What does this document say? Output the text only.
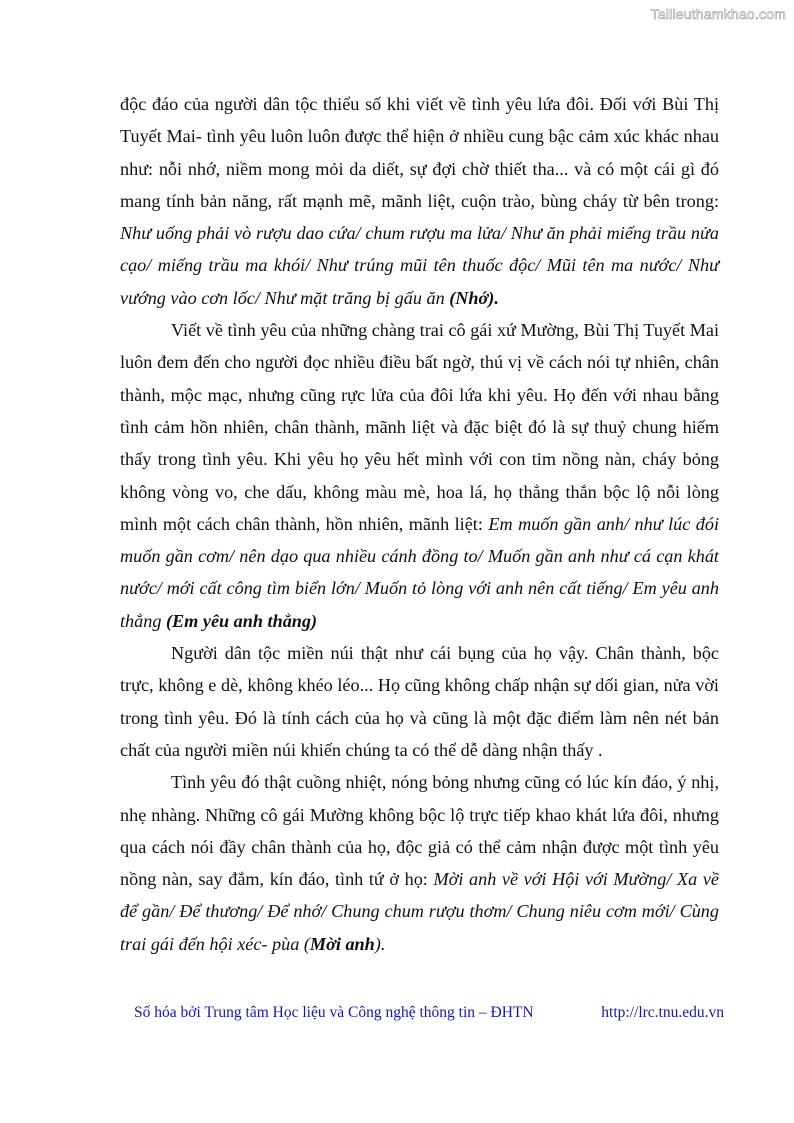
Tailieuthamkhao.com

độc đáo của người dân tộc thiểu số khi viết về tình yêu lứa đôi. Đối với Bùi Thị Tuyết Mai- tình yêu luôn luôn được thể hiện ở nhiều cung bậc cảm xúc khác nhau như: nỗi nhớ, niềm mong mỏi da diết, sự đợi chờ thiết tha... và có một cái gì đó mang tính bản năng, rất mạnh mẽ, mãnh liệt, cuộn trào, bùng cháy từ bên trong: Như uống phải vò rượu dao cứa/ chum rượu ma lửa/ Như ăn phải miếng trầu nửa cạo/ miếng trầu ma khói/ Như trúng mũi tên thuốc độc/ Mũi tên ma nước/ Như vướng vào cơn lốc/ Như mặt trăng bị gấu ăn (Nhớ).

Viết về tình yêu của những chàng trai cô gái xứ Mường, Bùi Thị Tuyết Mai luôn đem đến cho người đọc nhiều điều bất ngờ, thú vị về cách nói tự nhiên, chân thành, mộc mạc, nhưng cũng rực lửa của đôi lứa khi yêu. Họ đến với nhau bằng tình cảm hồn nhiên, chân thành, mãnh liệt và đặc biệt đó là sự thuỷ chung hiếm thấy trong tình yêu. Khi yêu họ yêu hết mình với con tim nồng nàn, cháy bỏng không vòng vo, che dấu, không màu mè, hoa lá, họ thẳng thắn bộc lộ nỗi lòng mình một cách chân thành, hồn nhiên, mãnh liệt: Em muốn gần anh/ như lúc đói muốn gần cơm/ nên dạo qua nhiều cánh đồng to/ Muốn gần anh như cá cạn khát nước/ mới cất công tìm biển lớn/ Muốn tỏ lòng với anh nên cất tiếng/ Em yêu anh thẳng (Em yêu anh thẳng)

Người dân tộc miền núi thật như cái bụng của họ vậy. Chân thành, bộc trực, không e dè, không khéo léo... Họ cũng không chấp nhận sự dối gian, nửa vời trong tình yêu. Đó là tính cách của họ và cũng là một đặc điểm làm nên nét bản chất của người miền núi khiến chúng ta có thể dễ dàng nhận thấy .

Tình yêu đó thật cuồng nhiệt, nóng bỏng nhưng cũng có lúc kín đáo, ý nhị, nhẹ nhàng. Những cô gái Mường không bộc lộ trực tiếp khao khát lứa đôi, nhưng qua cách nói đầy chân thành của họ, độc giả có thể cảm nhận được một tình yêu nồng nàn, say đắm, kín đáo, tình tứ ở họ: Mời anh về với Hội với Mường/ Xa về để gần/ Để thương/ Để nhớ/ Chung chum rượu thơm/ Chung niêu cơm mới/ Cùng trai gái đến hội xéc- pùa (Mời anh).

Số hóa bởi Trung tâm Học liệu và Công nghệ thông tin – ĐHTN	http://lrc.tnu.edu.vn
